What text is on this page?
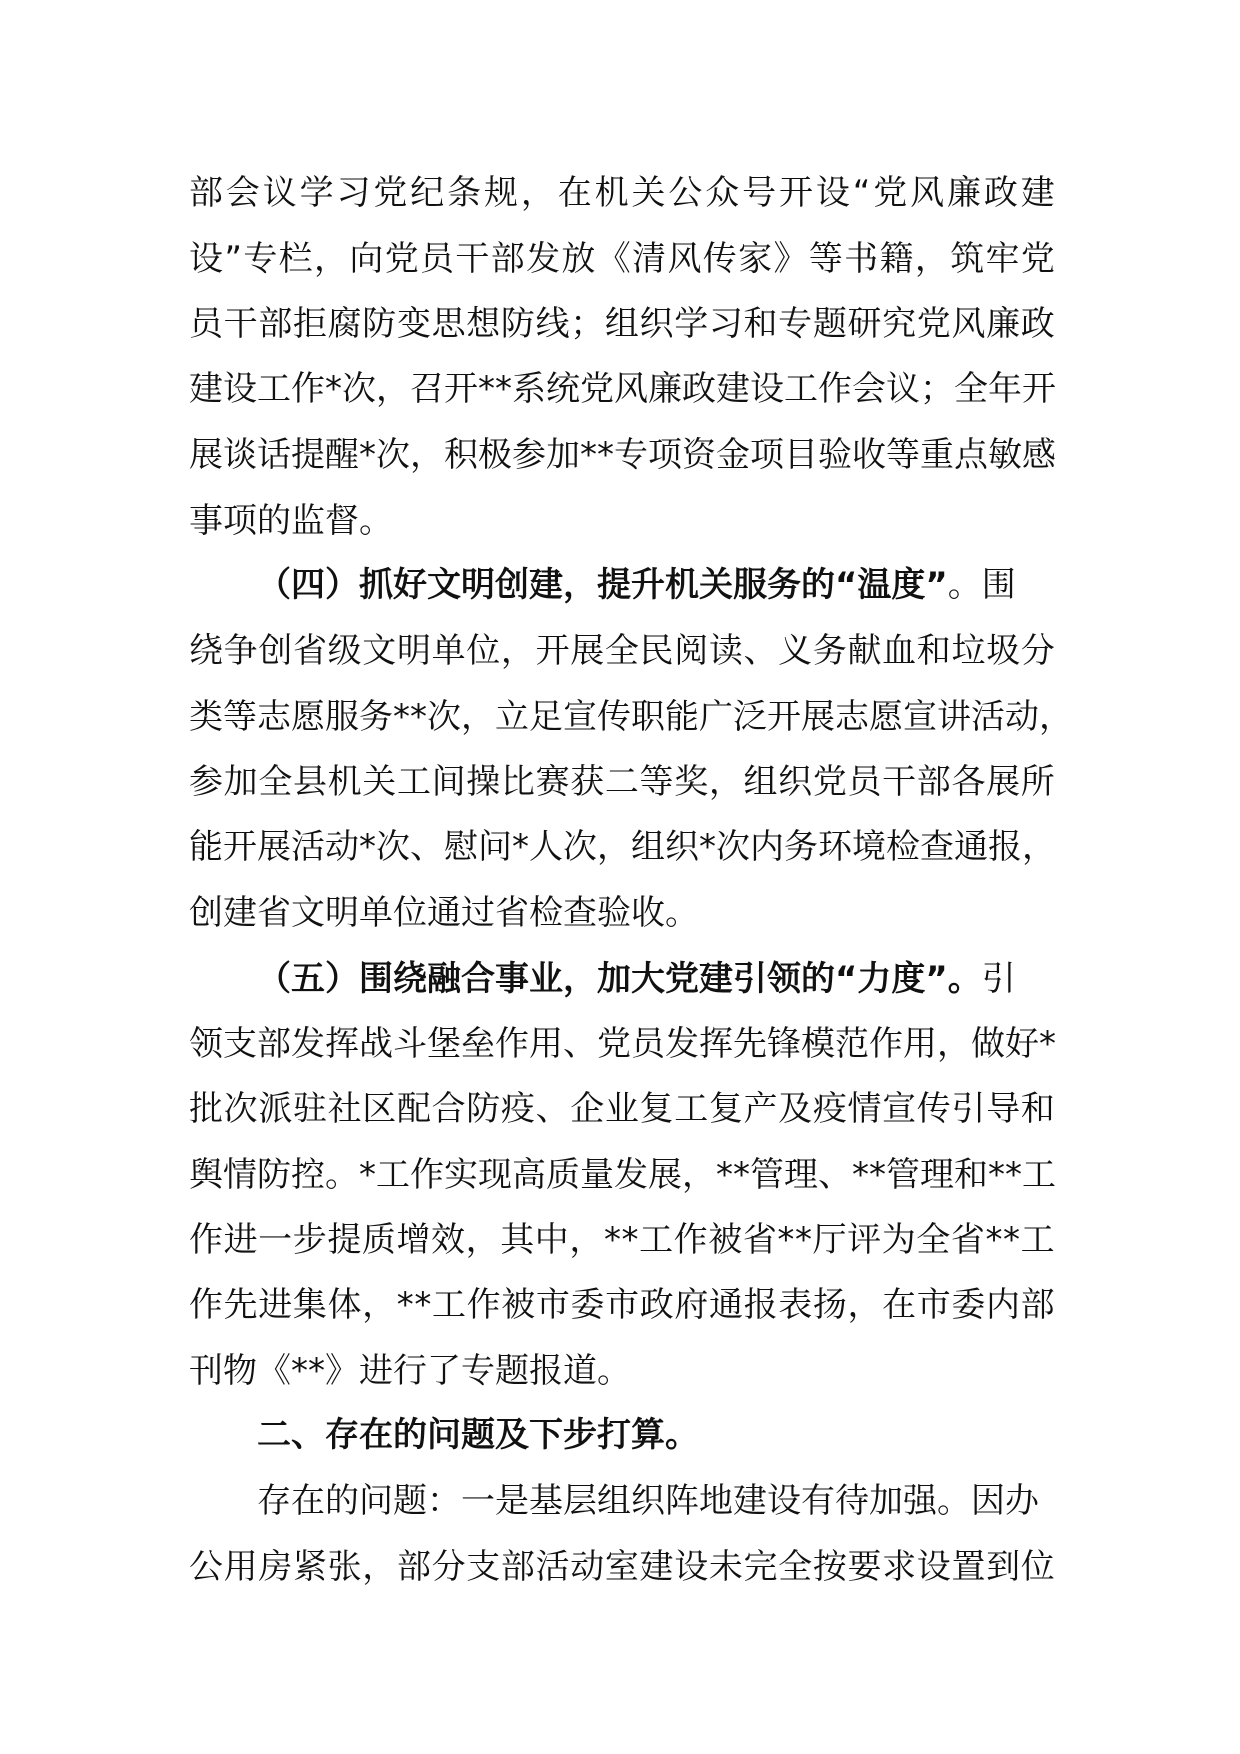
部 会 议 学 习 党 纪 条 规 ， 在 机 关 公 众 号 开 设 “ 党 风 廉 政 建
设 ” 专 栏 ， 向 党 员 干 部 发 放 《 清 风 传 家 》 等 书 籍 ， 筑 牢 党
员 干 部 拒 腐 防 变 思 想 防 线 ； 组 织 学 习 和 专 题 研 究 党 风 廉 政
建 设 工 作 * 次 ， 召 开 * * 系 统 党 风 廉 政 建 设 工 作 会 议 ； 全 年 开
展 谈 话 提 醒 * 次 ， 积 极 参 加 * * 专 项 资 金 项 目 验 收 等 重 点 敏 感
事项的监督。
（四）抓好文明创建，提升机关服务的“温度”。围
绕 争 创 省 级 文 明 单 位 ， 开 展 全 民 阅 读 、 义 务 献 血 和 垃 圾 分
类 等 志 愿 服 务 * * 次 ， 立 足 宣 传 职 能 广 泛 开 展 志 愿 宣 讲 活 动 ，
参 加 全 县 机 关 工 间 操 比 赛 获 二 等 奖 ， 组 织 党 员 干 部 各 展 所
能 开 展 活 动 * 次 、 慰 问 * 人 次 ， 组 织 * 次 内 务 环 境 检 查 通 报 ，
创建省文明单位通过省检查验收。
（五）围绕融合事业，加大党建引领的“力度”。引
领 支 部 发 挥 战 斗 堡 垒 作 用 、 党 员 发 挥 先 锋 模 范 作 用 ， 做 好 *
批 次 派 驻 社 区 配 合 防 疫 、 企 业 复 工 复 产 及 疫 情 宣 传 引 导 和
舆 情 防 控 。 * 工 作 实 现 高 质 量 发 展 ， * * 管 理 、 * * 管 理 和 * * 工
作 进 一 步 提 质 增 效 ， 其 中 ， * * 工 作 被 省 * * 厅 评 为 全 省 * * 工
作 先 进 集 体 ， * * 工 作 被 市 委 市 政 府 通 报 表 扬 ， 在 市 委 内 部
刊物《**》进行了专题报道。
二、存在的问题及下步打算。
存在的问题：一是基层组织阵地建设有待加强。因办
公 用 房 紧 张 ， 部 分 支 部 活 动 室 建 设 未 完 全 按 要 求 设 置 到 位
